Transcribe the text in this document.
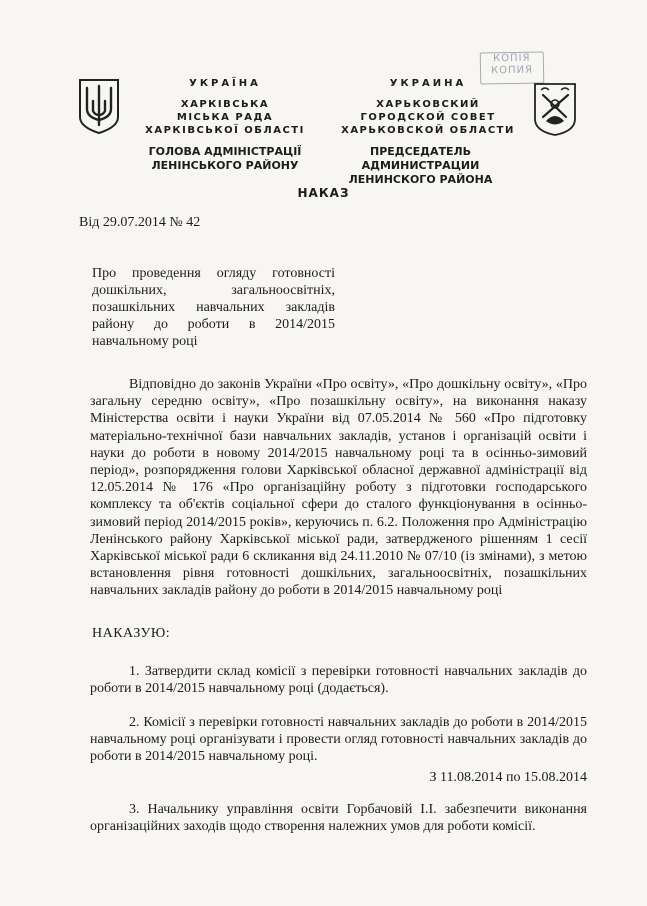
УКРАЇНА
ХАРКІВСЬКА
МІСЬКА РАДА
ХАРКІВСЬКОЇ ОБЛАСТІ
ГОЛОВА АДМІНІСТРАЦІЇ
ЛЕНІНСЬКОГО РАЙОНУ
УКРАИНА
ХАРЬКОВСКИЙ
ГОРОДСКОЙ СОВЕТ
ХАРЬКОВСКОЙ ОБЛАСТИ
ПРЕДСЕДАТЕЛЬ АДМИНИСТРАЦИИ
ЛЕНИНСКОГО РАЙОНА
КОПІЯ
КОПИЯ
НАКАЗ
Від 29.07.2014 № 42
Про проведення огляду готовності дошкільних, загальноосвітніх, позашкільних навчальних закладів району до роботи в 2014/2015 навчальному році
Відповідно до законів України «Про освіту», «Про дошкільну освіту», «Про загальну середню освіту», «Про позашкільну освіту», на виконання наказу Міністерства освіти і науки України від 07.05.2014 № 560 «Про підготовку матеріально-технічної бази навчальних закладів, установ і організацій освіти і науки до роботи в новому 2014/2015 навчальному році та в осінньо-зимовий період», розпорядження голови Харківської обласної державної адміністрації від 12.05.2014 № 176 «Про організаційну роботу з підготовки господарського комплексу та об'єктів соціальної сфери до сталого функціонування в осінньо-зимовий період 2014/2015 років», керуючись п. 6.2. Положення про Адміністрацію Ленінського району Харківської міської ради, затвердженого рішенням 1 сесії Харківської міської ради 6 скликання від 24.11.2010 № 07/10 (із змінами), з метою встановлення рівня готовності дошкільних, загальноосвітніх, позашкільних навчальних закладів району до роботи в 2014/2015 навчальному році
НАКАЗУЮ:
1. Затвердити склад комісії з перевірки готовності навчальних закладів до роботи в 2014/2015 навчальному році (додається).
2. Комісії з перевірки готовності навчальних закладів до роботи в 2014/2015 навчальному році організувати і провести огляд готовності навчальних закладів до роботи в 2014/2015 навчальному році.
З 11.08.2014 по 15.08.2014
3. Начальнику управління освіти Горбачовій І.І. забезпечити виконання організаційних заходів щодо створення належних умов для роботи комісії.
